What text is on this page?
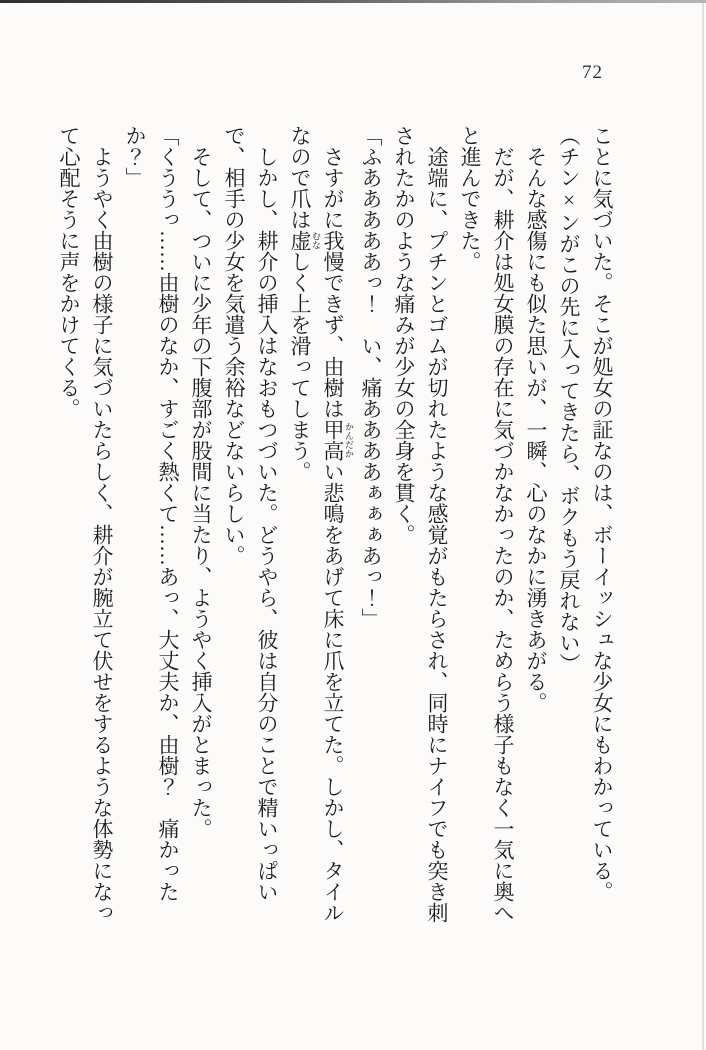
72

ことに気づいた。そこが処女の証なのは、ボーイッシュな少女にもわかっている。

（チン×ンがこの先に入ってきたら、ボクもう戻れない）

　そんな感傷にも似た思いが、一瞬、心のなかに湧きあがる。

　だが、耕介は処女膜の存在に気づかなかったのか、ためらう様子もなく一気に奥へと進んできた。

　途端に、プチンとゴムが切れたような感覚がもたらされ、同時にナイフでも突き刺されたかのような痛みが少女の全身を貫く。

「ふあああああっ！　い、痛ああああぁぁぁあっ！」

　さすがに我慢できず、由樹は甲高 かんだかい悲鳴をあげて床に爪を立てた。しかし、タイルなので爪は虚 むなしく上を滑ってしまう。

　しかし、耕介の挿入はなおもつづいた。どうやら、彼は自分のことで精いっぱいで、相手の少女を気遣う余裕などないらしい。

　そして、ついに少年の下腹部が股間に当たり、ようやく挿入がとまった。

「くううっ……由樹のなか、すごく熱くて……あっ、大丈夫か、由樹？　痛かったか？」

　ようやく由樹の様子に気づいたらしく、耕介が腕立て伏せをするような体勢になって心配そうに声をかけてくる。
